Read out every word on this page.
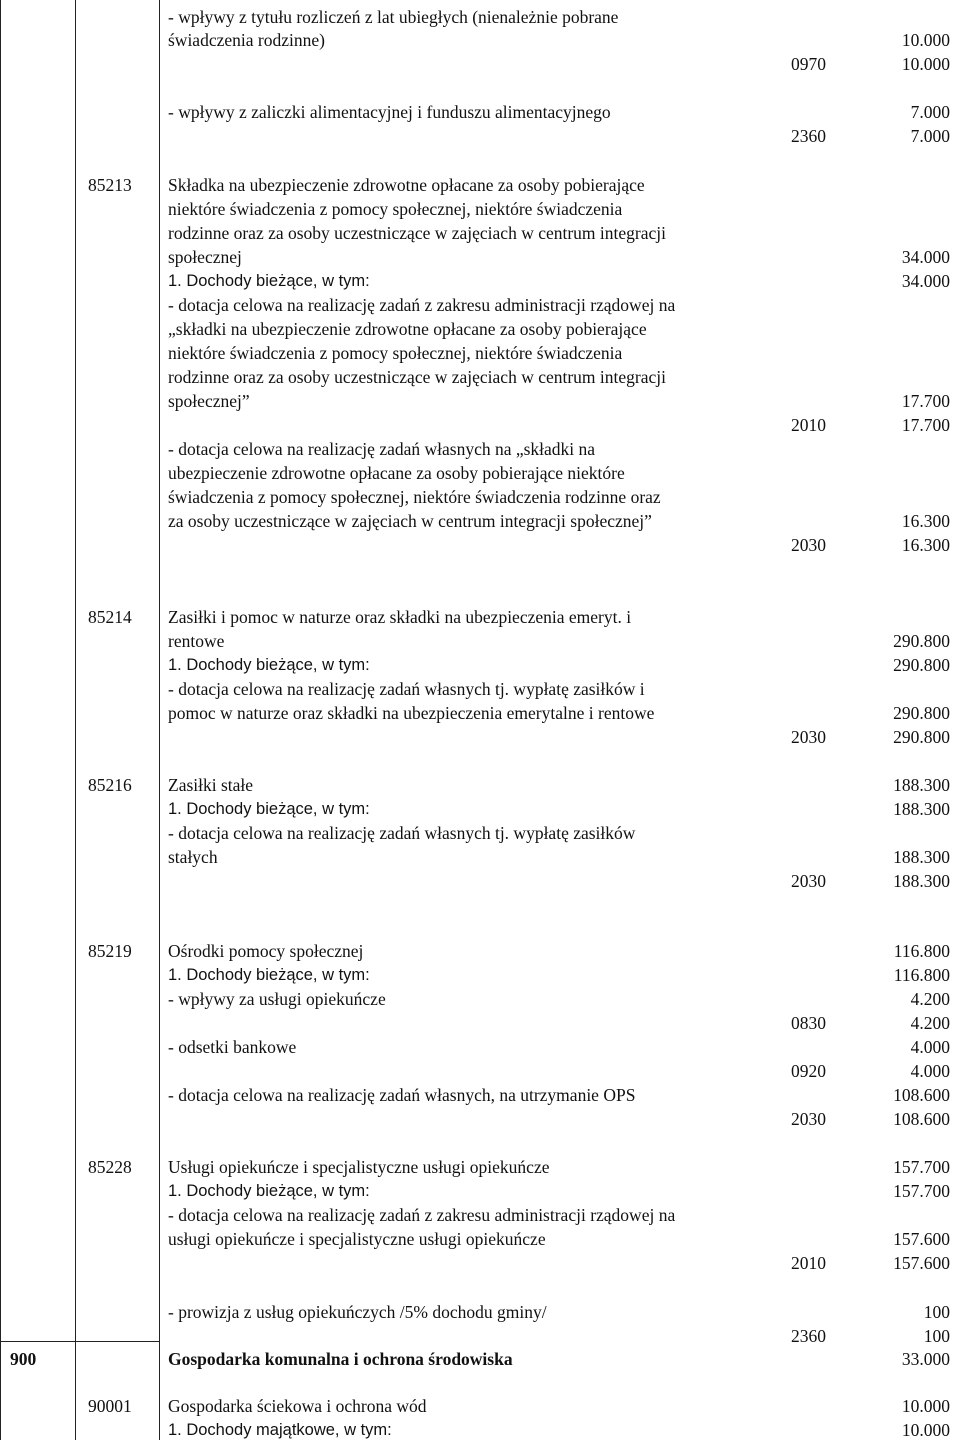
- wpływy z tytułu rozliczeń z lat ubiegłych (nienależnie pobrane
świadczenia rodzinne)	10.000
0970	10.000
- wpływy z zaliczki alimentacyjnej i funduszu alimentacyjnego	7.000
2360	7.000
85213 Składka na ubezpieczenie zdrowotne opłacane za osoby pobierające
niektóre świadczenia z pomocy społecznej, niektóre świadczenia
rodzinne oraz za osoby uczestniczące w zajęciach w centrum integracji
społecznej	34.000
1. Dochody bieżące, w tym:	34.000
- dotacja celowa na realizację zadań z zakresu administracji rządowej na
„składki na ubezpieczenie zdrowotne opłacane za osoby pobierające
niektóre świadczenia z pomocy społecznej, niektóre świadczenia
rodzinne oraz za osoby uczestniczące w zajęciach w centrum integracji
społecznej”	17.700
2010	17.700
- dotacja celowa na realizację zadań własnych na „składki na
ubezpieczenie zdrowotne opłacane za osoby pobierające niektóre
świadczenia z pomocy społecznej, niektóre świadczenia rodzinne oraz
za osoby uczestniczące w zajęciach w centrum integracji społecznej”	16.300
2030	16.300
85214 Zasiłki i pomoc w naturze oraz składki na ubezpieczenia emeryt. i
rentowe	290.800
1. Dochody bieżące, w tym:	290.800
- dotacja celowa na realizację zadań własnych tj. wypłatę zasiłków i
pomoc w naturze oraz składki na ubezpieczenia emerytalne i rentowe	290.800
2030	290.800
85216 Zasiłki stałe	188.300
1. Dochody bieżące, w tym:	188.300
- dotacja celowa na realizację zadań własnych tj. wypłatę zasiłków
stałych	188.300
2030	188.300
85219 Ośrodki pomocy społecznej	116.800
1. Dochody bieżące, w tym:	116.800
- wpływy za usługi opiekuńcze	4.200
0830	4.200
- odsetki bankowe	4.000
0920	4.000
- dotacja celowa na realizację zadań własnych, na utrzymanie OPS	108.600
2030	108.600
85228 Usługi opiekuńcze i specjalistyczne usługi opiekuńcze	157.700
1. Dochody bieżące, w tym:	157.700
- dotacja celowa na realizację zadań z zakresu administracji rządowej na
usługi opiekuńcze i specjalistyczne usługi opiekuńcze	157.600
2010	157.600
- prowizja z usług opiekuńczych /5% dochodu gminy/	100
2360	100
900	Gospodarka komunalna i ochrona środowiska	33.000
90001 Gospodarka ściekowa i ochrona wód	10.000
1. Dochody majątkowe, w tym:	10.000
